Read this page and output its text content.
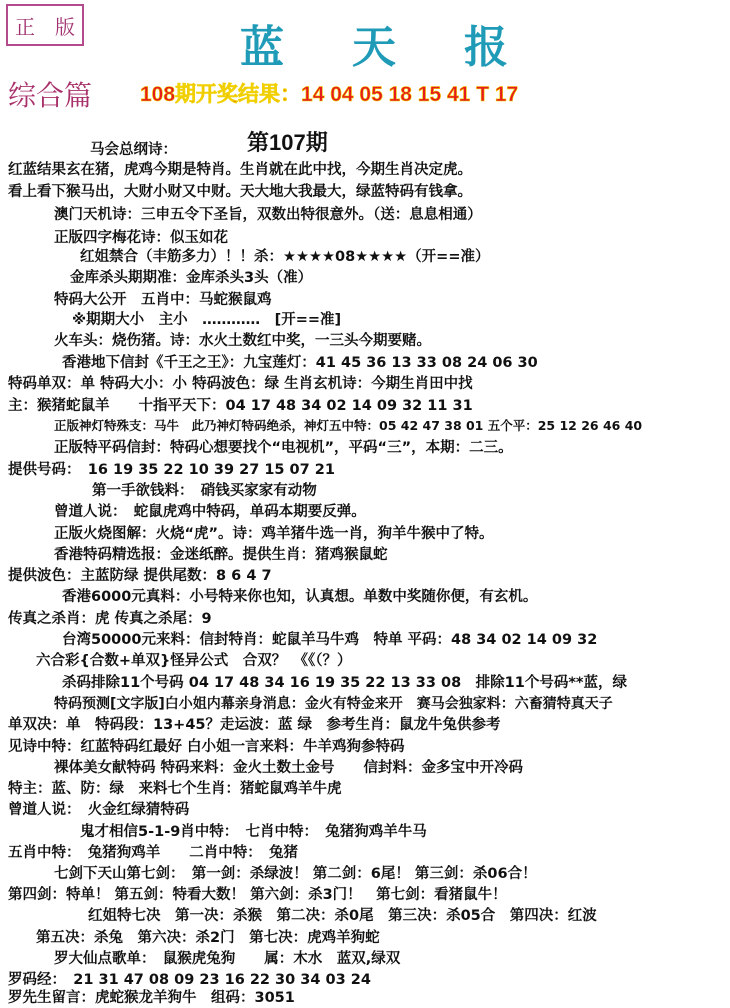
正　版	蓝 天 报
综合篇 108期开奖结果：14 04 05 18 15 41 T 17
第107期
马会总纲诗：
红蓝结果玄在猪，虎鸡今期是特肖。生肖就在此中找，今期生肖决定虎。
看上看下猴马出，大财小财又中财。天大地大我最大，绿蓝特码有钱拿。
澳门天机诗：三申五令下圣旨，双数出特很意外。（送：息息相通）
正版四字梅花诗：似玉如花
红姐禁合（丰筋多力）！！杀：★★★★08★★★★（开==准）
金库杀头期期准：金库杀头3头（准）
特码大公开　五肖中：马蛇猴鼠鸡
※期期大小　主小　…………　[开==准]
火车头：烧伤猪。诗：水火土数红中奖，一三头今期要赌。
香港地下信封《千王之王》：九宝莲灯：41 45 36 13 33 08 24 06 30
特码单双：单 特码大小：小 特码波色：绿 生肖玄机诗：今期生肖田中找
主：猴猪蛇鼠羊　　十指平天下：04 17 48 34 02 14 09 32 11 31
正版神灯特殊支：马牛　此乃神灯特码绝杀，神灯五中特：05 42 47 38 01 五个平：25 12 26 46 40
正版特平码信封：特码心想要找个“电视机”，平码“三”，本期：二三。
提供号码：　16 19 35 22 10 39 27 15 07 21
第一手欲钱料：　硝钱买家家有动物
曾道人说：　蛇鼠虎鸡中特码，单码本期要反弹。
正版火烧图解：火烧“虎”。诗：鸡羊猪牛选一肖，狗羊牛猴中了特。
香港特码精选报：金迷纸醉。提供生肖：猪鸡猴鼠蛇
提供波色：主蓝防绿 提供尾数：8 6 4 7
香港6000元真料：小号特来你也知，认真想。单数中奖随你便，有玄机。
传真之杀肖：虎 传真之杀尾：9
台湾50000元来料：信封特肖：蛇鼠羊马牛鸡　特单 平码：48 34 02 14 09 32
六合彩{合数+单双}怪异公式　合双？　《《（？）
杀码排除11个号码 04 17 48 34 16 19 35 22 13 33 08　排除11个号码**蓝，绿
特码预测[文字版]白小姐内幕亲身消息：金火有特金来开　赛马会独家料：六畜猜特真天子
单双决：单　特码段：13+45？走运波：蓝 绿　参考生肖：鼠龙牛兔供参考
见诗中特：红蓝特码红最好 白小姐一言来料：牛羊鸡狗参特码
裸体美女献特码 特码来料：金火土数土金号　　信封料：金多宝中开冷码
特主：蓝、防：绿　来料七个生肖：猪蛇鼠鸡羊牛虎
曾道人说：　火金红绿猜特码
鬼才相信5-1-9肖中特：　七肖中特：　兔猪狗鸡羊牛马
五肖中特：　兔猪狗鸡羊　　二肖中特：　兔猪
七剑下天山第七剑：　第一剑：杀绿波！ 第二剑：6尾！ 第三剑：杀06合！
第四剑：特单！ 第五剑：特看大数！ 第六剑：杀3门！　第七剑：看猪鼠牛！
红姐特七决　第一决：杀猴　第二决：杀0尾　第三决：杀05合　第四决：红波
第五决：杀兔　第六决：杀2门　第七决：虎鸡羊狗蛇
罗大仙点歌单：　鼠猴虎兔狗　　属：木水　蓝双,绿双
罗码经：　21 31 47 08 09 23 16 22 30 34 03 24
罗先生留言：虎蛇猴龙羊狗牛　组码：3051
